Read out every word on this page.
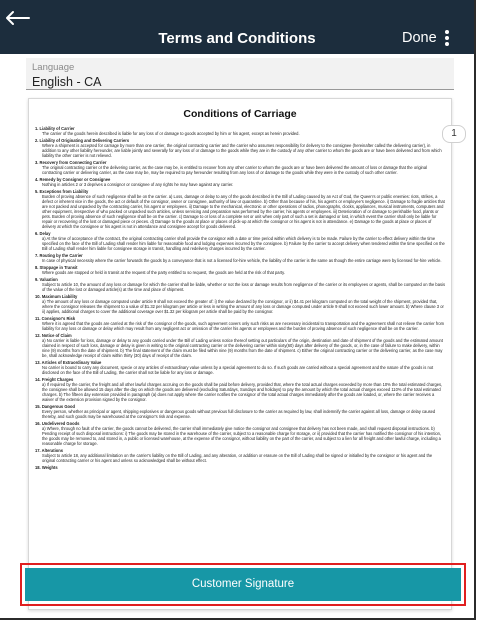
Terms and Conditions	Done
Language
English - CA
Conditions of Carriage
1. Liability of Carrier
The carrier of the goods herein described is liable for any loss of or damage to goods accepted by him or his agent, except as herein provided.
2. Liability of Originating and Delivering Carriers
Where a shipment is accepted for carriage by more than one carrier, the original contracting carrier and the carrier who assumes responsibility for delivery to the consignee (hereinafter called the delivering carrier), in addition to any other liability hereunder, are liable jointly and severally for any loss of or damage to the goods while they are in the custody of any other carrier to whom the goods are or have been delivered and from which liability the other carrier is not relieved.
3. Recovery from Connecting Carrier
The original contracting carrier or the delivering carrier, as the case may be, is entitled to recover from any other carrier to whom the goods are or have been delivered the amount of loss or damage that the original contracting carrier or delivering carrier, as the case may be, may be required to pay hereunder resulting from any loss of or damage to the goods while they were in the custody of such other carrier.
4. Remedy by Consignor or Consignee
Nothing in articles 2 or 3 deprives a consignor or consignee of any rights he may have against any carrier.
5. Exceptions from Liability
Burden of proving absence of such negligence shall be on the carrier. a) Loss, damage or delay to any of the goods described in the Bill of Lading caused by an Act of God, the Queen's or public enemies: riots, strikes, a defect or inherent vice in the goods, the act or default of the consignor, owner or consignee, authority of law or quarantine. b) Other than because of his, his agent's or employee's negligence. i) Damage to fragile articles that are not packed and unpacked by the contracting carrier, his agent or employees. ii) Damage to the mechanical, electronic or other operations of radios, phonographs, clocks, appliances, musical instruments, computers and other equipment, irrespective of who packed or unpacked such articles, unless servicing and preparation was performed by the carrier, his agents or employees. iii) Deterioration of or damage to perishable food, plants or pets. Burden of proving absence of such negligence shall be on the carrier. c) Damage to or loss of a complete set or unit when only part of such a set is damaged or lost, in which event the carrier shall only be liable for repair or recovering of the lost or damaged piece or pieces. d) Damage to the goods at place or places of pick-up at which the consignor or his agent is not in attendance. e) Damage to the goods at place or places of delivery at which the consignee or his agent is not in attendance and consignee accept for goods delivered.
6. Delay
a) At the time of acceptance of the contract, the original contracting carrier shall provide the consignor with a date or time period within which delivery is to be made. Failure by the carrier to effect delivery within the time specified on the face of the Bill of Lading shall render him liable for reasonable food and lodging expenses incurred by the consignee. b) Failure by the carrier to accept delivery when tendered within the time specified on the Bill of Lading shall render him liable for consignee storage in transit, handling and redelivery charges incurred by the carrier.
7. Routing by the Carrier
In case of physical necessity where the carrier forwards the goods by a conveyance that is not a licensed for-hire vehicle, the liability of the carrier is the same as though the entire carriage were by licensed for-hire vehicle.
8. Stoppage in Transit
Where goods are stopped or held in transit at the request of the party entitled to so request, the goods are held at the risk of that party.
9. Valuation
Subject to article 10, the amount of any loss or damage for which the carrier shall be liable, whether or not the loss or damage results from negligence of the carrier or its employees or agents, shall be computed on the basis of the value of the lost or damaged article(s) at the time and place of shipment.
10. Maximum Liability
a) The amount of any loss or damage computed under article 9 shall not exceed the greater of: i) the value declared by the consignor, or ii) $4.41 per kilogram computed on the total weight of the shipment, provided that, where the consignor releases the shipment to a value of $1.32 per kilogram per article or less in writing the amount of any loss or damage computed under article 9 shall not exceed such lower amount. b) Where clause 3 or ii) applies, additional charges to cover the additional coverage over $1.32 per kilogram per article shall be paid by the consignor.
11. Consignor's Risk
Where it is agreed that the goods are carried at the risk of the consignor of the goods, such agreement covers only such risks as are necessary incidental to transportation and the agreement shall not relieve the carrier from liability for any loss or damage or delay which may result from any negligent act or omission of the carrier his agents or employees and the burden of proving absence of such negligence shall be on the carrier.
12. Notice of Claim
a) No carrier is liable for loss, damage or delay to any goods carried under the Bill of Lading unless notice thereof setting out particulars of the origin, destination and date of shipment of the goods and the estimated amount claimed in respect of such loss, damage or delay is given in writing to the original contracting carrier or the delivering carrier within sixty(60) days after delivery of the goods, or, in the case of failure to make delivery, within nine (9) months from the date of shipment. b) The final statement of the claim must be filed within nine (9) months from the date of shipment. c) Either the original contracting carrier or the delivering carrier, as the case may be, shall acknowledge receipt of claim within thirty (30) days of receipt of the claim.
13. Articles of Extraordinary Value
No carrier is bound to carry any document, specie or any articles of extraordinary value unless by a special agreement to do so. If such goods are carried without a special agreement and the nature of the goods is not disclosed on the face of the Bill of Lading, the carrier shall not be liable for any loss or damage.
14. Freight Charges
a) If required by the carrier, the freight and all other lawful charges accruing on the goods shall be paid before delivery, provided that, where the total actual charges exceeded by more than 10% the total estimated charges, the consignee shall be allowed 15 days after the day on which the goods are delivered (excluding Saturdays, Sundays and holidays) to pay the amount by which the total actual charges exceed 110% of the total estimated charges. b) The fifteen day extension provided in paragraph (a) does not apply where the carrier notifies the consignor of the total actual charges immediately after the goods are loaded, or, where the carrier receives a waiver of the extension provision signed by the consignor.
15. Dangerous Good
Every person, whether as principal or agent, shipping explosives or dangerous goods without previous full disclosure to the carrier as required by law, shall indemnify the carrier against all loss, damage or delay caused thereby, and such goods may be warehoused at the consignor's risk and expense.
16. Undelivered Goods
a) Where, through no fault of the carrier, the goods cannot be delivered, the carrier shall immediately give notice the consignor and consignee that delivery has not been made, and shall request disposal instructions. b) Pending receipt of such disposal instructions: i) The goods may be stored in the warehouse of the carrier, subject to a reasonable charge for storage, or ii) provided that the carrier has notified the consignor of his intention, the goods may be removed to, and stored in, a public or licensed warehouse, at the expense of the consignor, without liability on the part of the carrier, and subject to a lien for all freight and other lawful charge, including a reasonable charge for storage.
17. Alterations
Subject to article 18, any additional limitation on the carrier's liability on the Bill of Lading, and any alteration, or addition or erasure on the Bill of Lading shall be signed or initialled by the consignor or his agent and the original contracting carrier or his agent and unless so acknowledged shall be without effect.
18. Weights
1
Customer Signature
